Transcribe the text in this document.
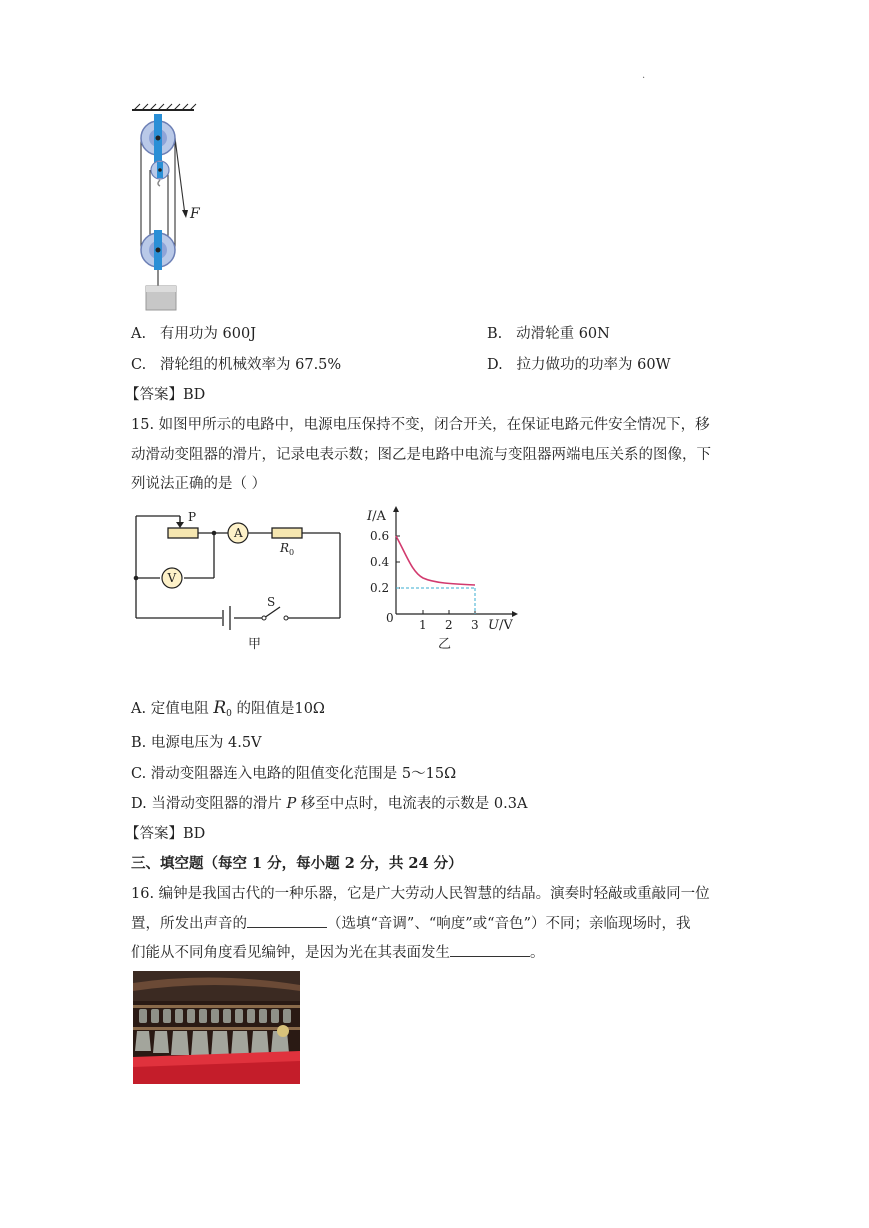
.
F
A. 有用功为 600J	B. 动滑轮重 60N
C. 滑轮组的机械效率为 67.5%	D. 拉力做功的功率为 60W
【答案】BD
15. 如图甲所示的电路中，电源电压保持不变，闭合开关，在保证电路元件安全情况下，移
动滑动变阻器的滑片，记录电表示数；图乙是电路中电流与变阻器两端电压关系的图像，下
列说法正确的是（ ）
P
A
V
R 0
S
甲
I/A
0.6
0.4
0.2
0 1 2 3 U/V
乙
A. 定值电阻 $R_0$ 的阻值是10Ω
B. 电源电压为 4.5V
C. 滑动变阻器连入电路的阻值变化范围是 5～15Ω
D. 当滑动变阻器的滑片 P 移至中点时，电流表的示数是 0.3A
【答案】BD
三、填空题（每空 1 分，每小题 2 分，共 24 分）
16. 编钟是我国古代的一种乐器，它是广大劳动人民智慧的结晶。演奏时轻敲或重敲同一位
置，所发出声音的	（选填“音调”、“响度”或“音色”）不同；亲临现场时，我
们能从不同角度看见编钟，是因为光在其表面发生	。
